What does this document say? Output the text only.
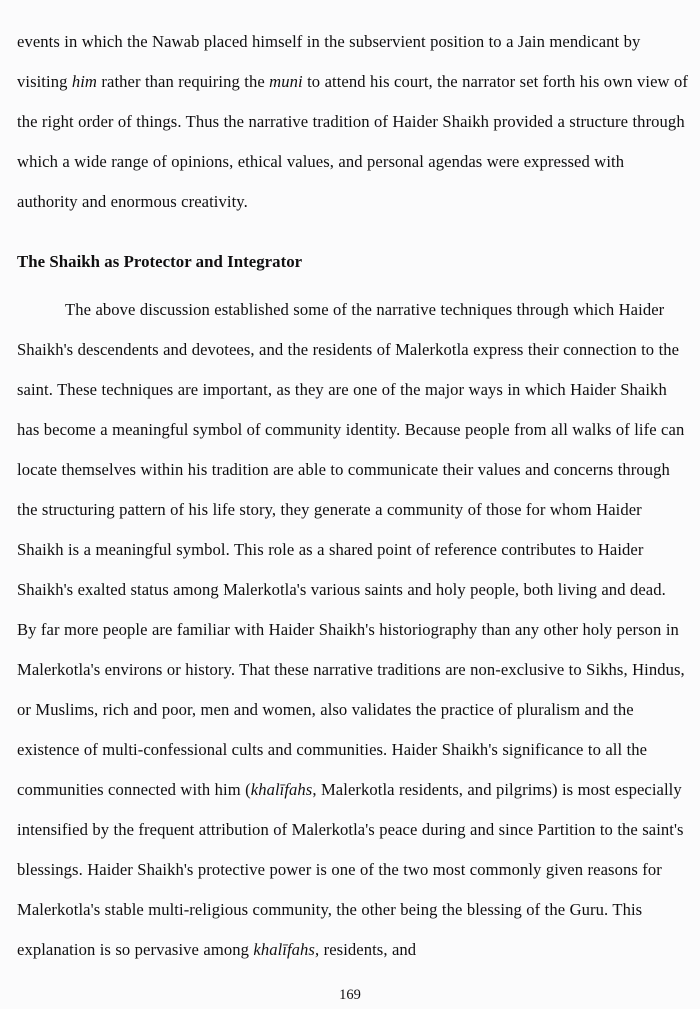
events in which the Nawab placed himself in the subservient position to a Jain mendicant by visiting him rather than requiring the muni to attend his court, the narrator set forth his own view of the right order of things. Thus the narrative tradition of Haider Shaikh provided a structure through which a wide range of opinions, ethical values, and personal agendas were expressed with authority and enormous creativity.

The Shaikh as Protector and Integrator

The above discussion established some of the narrative techniques through which Haider Shaikh's descendents and devotees, and the residents of Malerkotla express their connection to the saint. These techniques are important, as they are one of the major ways in which Haider Shaikh has become a meaningful symbol of community identity. Because people from all walks of life can locate themselves within his tradition are able to communicate their values and concerns through the structuring pattern of his life story, they generate a community of those for whom Haider Shaikh is a meaningful symbol. This role as a shared point of reference contributes to Haider Shaikh's exalted status among Malerkotla's various saints and holy people, both living and dead. By far more people are familiar with Haider Shaikh's historiography than any other holy person in Malerkotla's environs or history. That these narrative traditions are non-exclusive to Sikhs, Hindus, or Muslims, rich and poor, men and women, also validates the practice of pluralism and the existence of multi-confessional cults and communities. Haider Shaikh's significance to all the communities connected with him (khalīfahs, Malerkotla residents, and pilgrims) is most especially intensified by the frequent attribution of Malerkotla's peace during and since Partition to the saint's blessings. Haider Shaikh's protective power is one of the two most commonly given reasons for Malerkotla's stable multi-religious community, the other being the blessing of the Guru. This explanation is so pervasive among khalīfahs, residents, and

169
